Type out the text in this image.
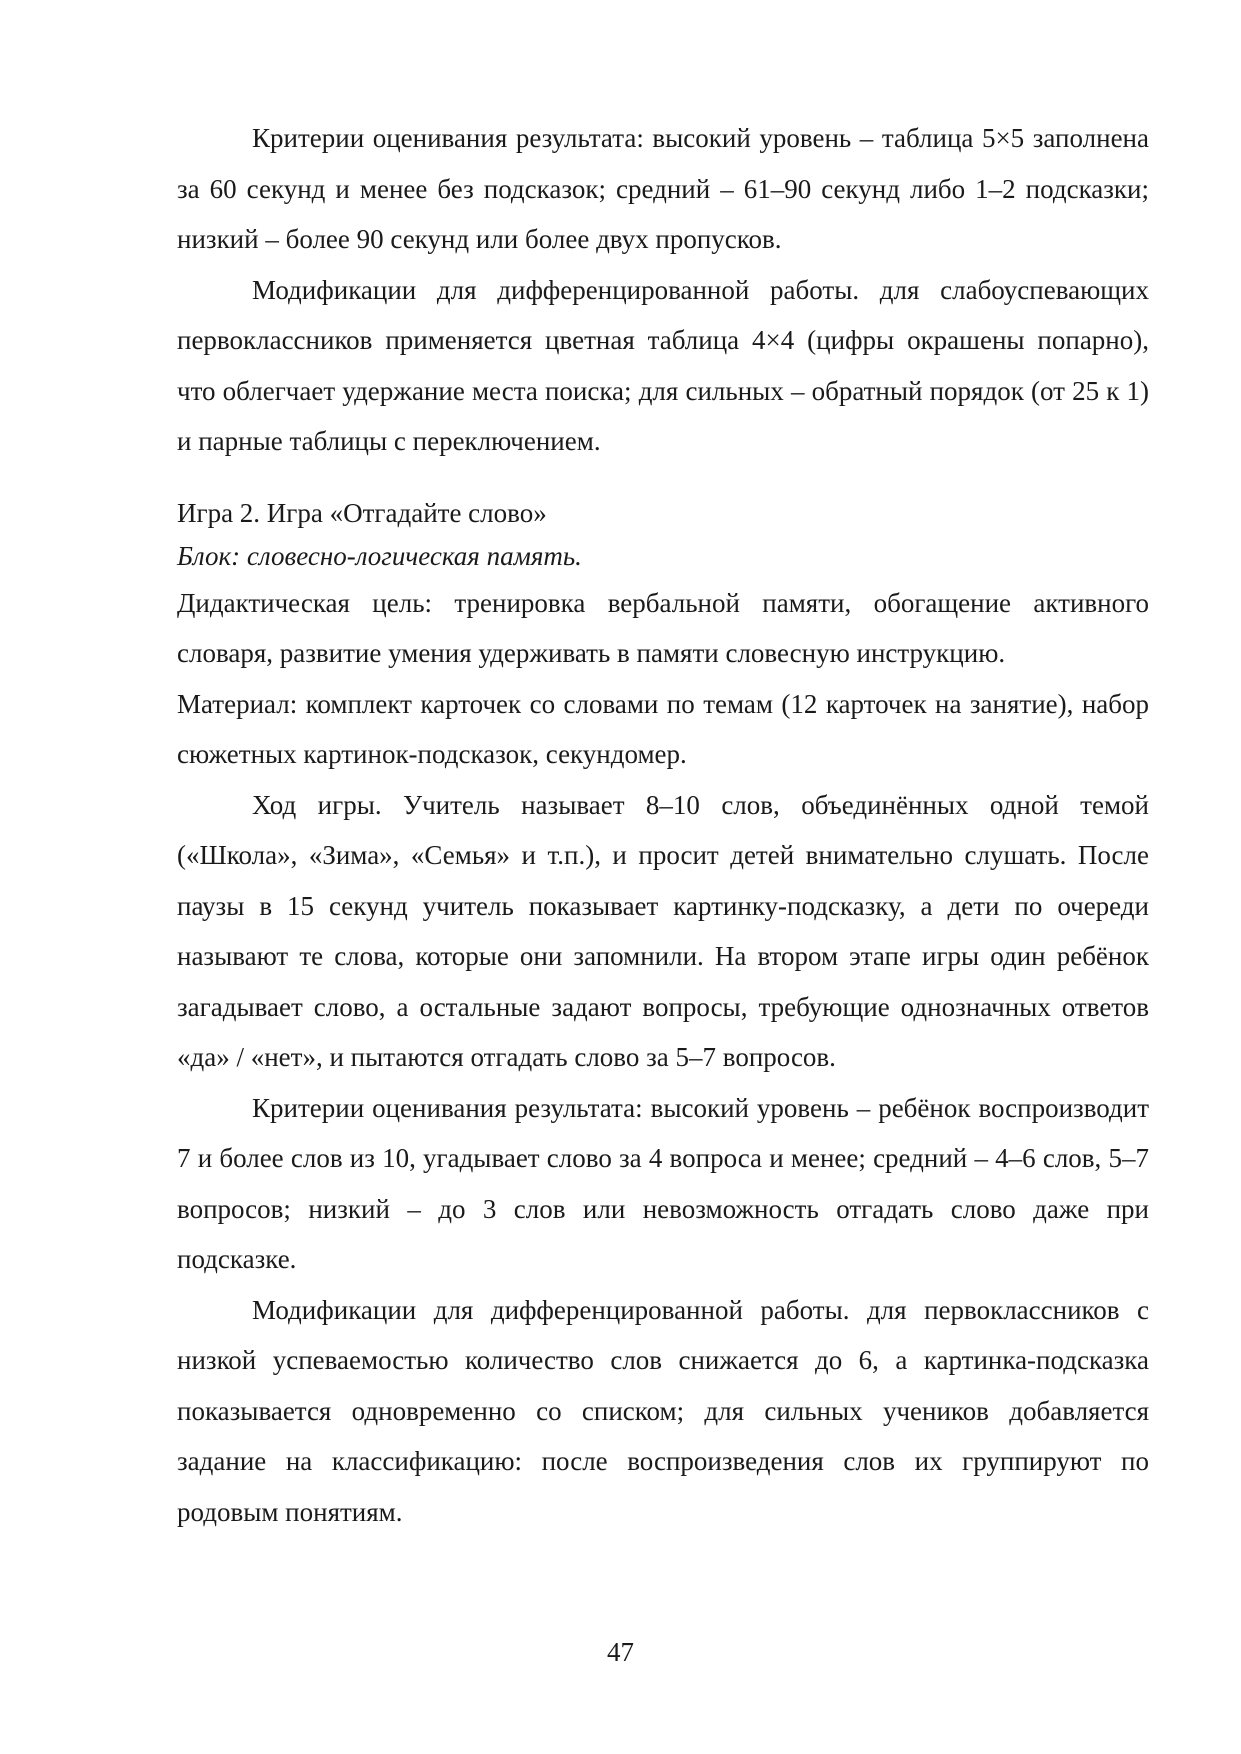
Критерии оценивания результата: высокий уровень – таблица 5×5 заполнена за 60 секунд и менее без подсказок; средний – 61–90 секунд либо 1–2 подсказки; низкий – более 90 секунд или более двух пропусков.

Модификации для дифференцированной работы. для слабоуспевающих первоклассников применяется цветная таблица 4×4 (цифры окрашены попарно), что облегчает удержание места поиска; для сильных – обратный порядок (от 25 к 1) и парные таблицы с переключением.

Игра 2. Игра «Отгадайте слово»

Блок: словесно-логическая память.

Дидактическая цель: тренировка вербальной памяти, обогащение активного словаря, развитие умения удерживать в памяти словесную инструкцию.

Материал: комплект карточек со словами по темам (12 карточек на занятие), набор сюжетных картинок-подсказок, секундомер.

Ход игры. Учитель называет 8–10 слов, объединённых одной темой («Школа», «Зима», «Семья» и т.п.), и просит детей внимательно слушать. После паузы в 15 секунд учитель показывает картинку-подсказку, а дети по очереди называют те слова, которые они запомнили. На втором этапе игры один ребёнок загадывает слово, а остальные задают вопросы, требующие однозначных ответов «да» / «нет», и пытаются отгадать слово за 5–7 вопросов.

Критерии оценивания результата: высокий уровень – ребёнок воспроизводит 7 и более слов из 10, угадывает слово за 4 вопроса и менее; средний – 4–6 слов, 5–7 вопросов; низкий – до 3 слов или невозможность отгадать слово даже при подсказке.

Модификации для дифференцированной работы. для первоклассников с низкой успеваемостью количество слов снижается до 6, а картинка-подсказка показывается одновременно со списком; для сильных учеников добавляется задание на классификацию: после воспроизведения слов их группируют по родовым понятиям.

47
